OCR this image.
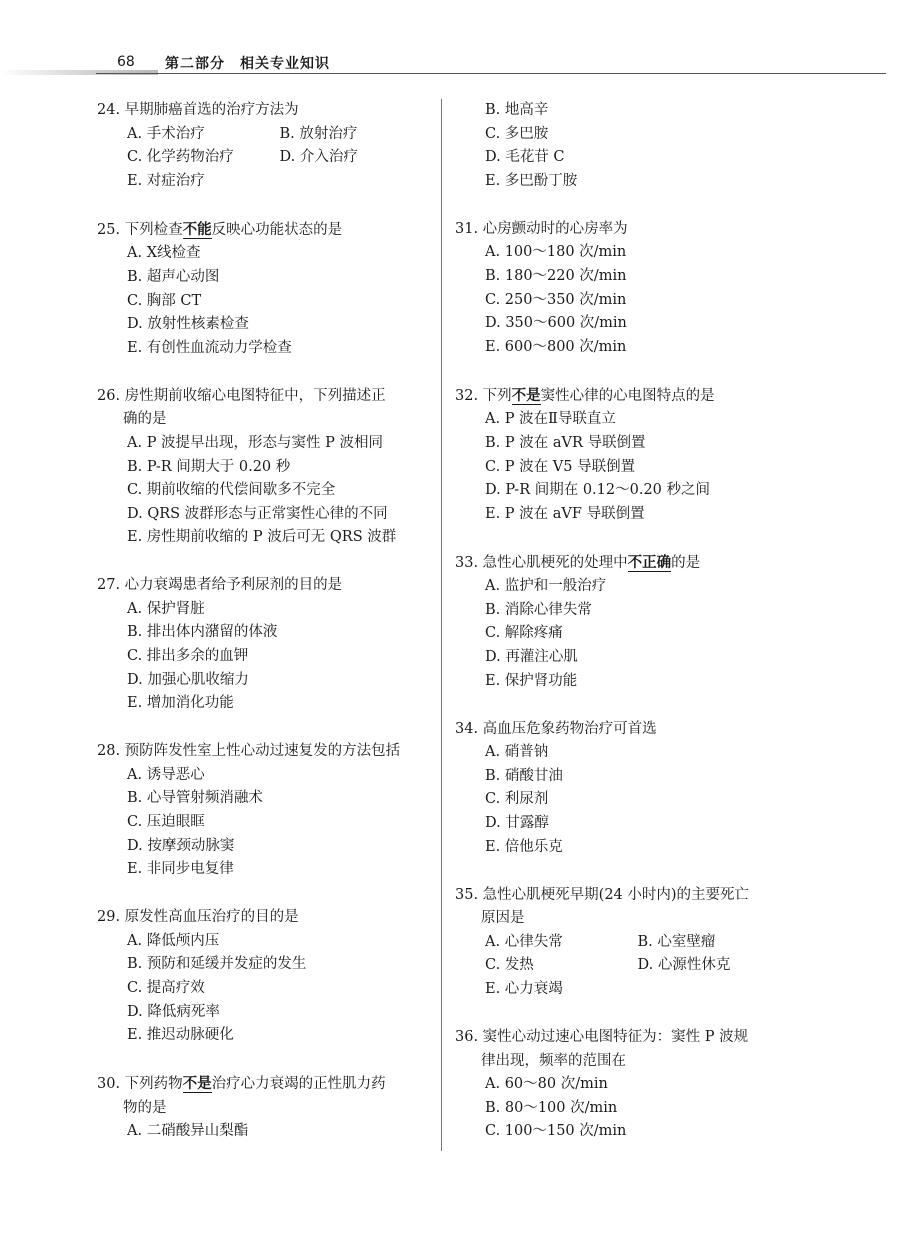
68 第二部分　相关专业知识

24. 早期肺癌首选的治疗方法为

A. 手术治疗	B. 放射治疗

C. 化学药物治疗	D. 介入治疗

E. 对症治疗

25. 下列检查不能反映心功能状态的是

A. X线检查

B. 超声心动图

C. 胸部 CT

D. 放射性核素检查

E. 有创性血流动力学检查

26. 房性期前收缩心电图特征中，下列描述正

确的是

A. P 波提早出现，形态与窦性 P 波相同

B. P-R 间期大于 0.20 秒

C. 期前收缩的代偿间歇多不完全

D. QRS 波群形态与正常窦性心律的不同

E. 房性期前收缩的 P 波后可无 QRS 波群

27. 心力衰竭患者给予利尿剂的目的是

A. 保护肾脏

B. 排出体内潴留的体液

C. 排出多余的血钾

D. 加强心肌收缩力

E. 增加消化功能

28. 预防阵发性室上性心动过速复发的方法包括

A. 诱导恶心

B. 心导管射频消融术

C. 压迫眼眶

D. 按摩颈动脉窦

E. 非同步电复律

29. 原发性高血压治疗的目的是

A. 降低颅内压

B. 预防和延缓并发症的发生

C. 提高疗效

D. 降低病死率

E. 推迟动脉硬化

30. 下列药物不是治疗心力衰竭的正性肌力药

物的是

A. 二硝酸异山梨酯

B. 地高辛

C. 多巴胺

D. 毛花苷 C

E. 多巴酚丁胺

31. 心房颤动时的心房率为

A. 100～180 次/min

B. 180～220 次/min

C. 250～350 次/min

D. 350～600 次/min

E. 600～800 次/min

32. 下列不是窦性心律的心电图特点的是

A. P 波在Ⅱ导联直立

B. P 波在 aVR 导联倒置

C. P 波在 V5 导联倒置

D. P-R 间期在 0.12～0.20 秒之间

E. P 波在 aVF 导联倒置

33. 急性心肌梗死的处理中不正确的是

A. 监护和一般治疗

B. 消除心律失常

C. 解除疼痛

D. 再灌注心肌

E. 保护肾功能

34. 高血压危象药物治疗可首选

A. 硝普钠

B. 硝酸甘油

C. 利尿剂

D. 甘露醇

E. 倍他乐克

35. 急性心肌梗死早期(24 小时内)的主要死亡

原因是

A. 心律失常	B. 心室壁瘤

C. 发热	D. 心源性休克

E. 心力衰竭

36. 窦性心动过速心电图特征为：窦性 P 波规

律出现，频率的范围在

A. 60～80 次/min

B. 80～100 次/min

C. 100～150 次/min
